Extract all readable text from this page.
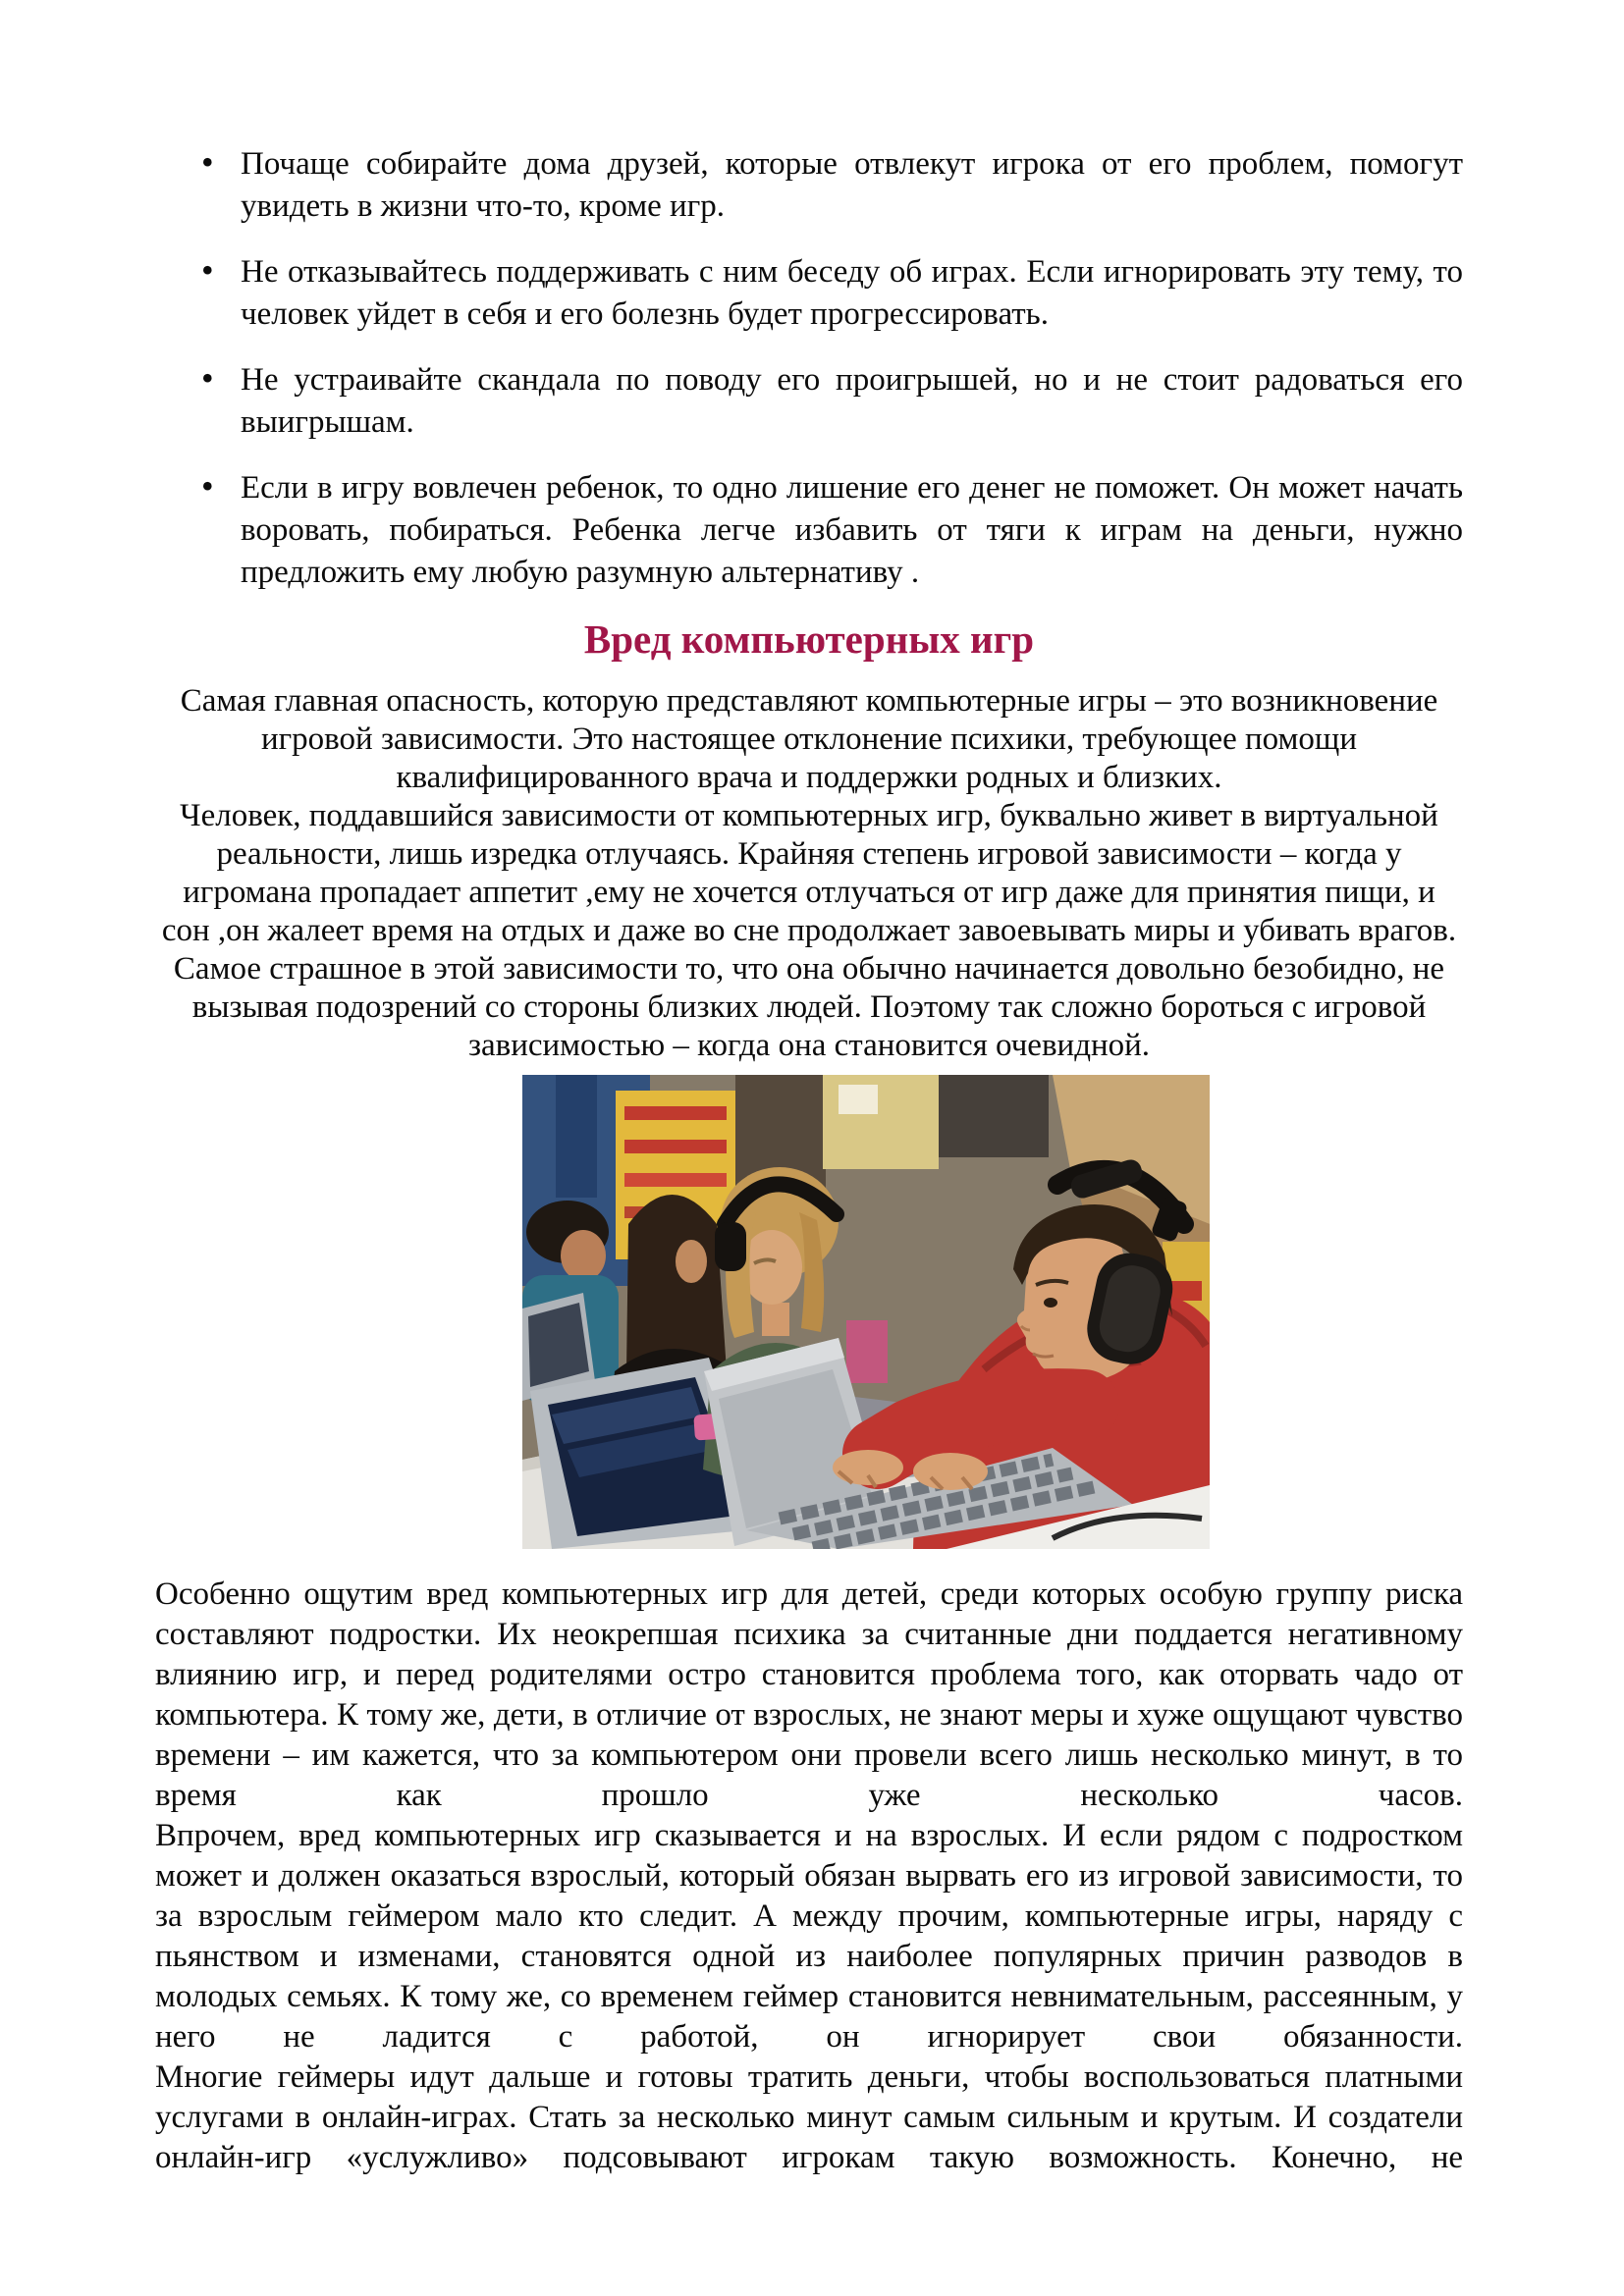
• Почаще собирайте дома друзей, которые отвлекут игрока от его проблем, помогут увидеть в жизни что-то, кроме игр.
• Не отказывайтесь поддерживать с ним беседу об играх. Если игнорировать эту тему, то человек уйдет в себя и его болезнь будет прогрессировать.
• Не устраивайте скандала по поводу его проигрышей, но и не стоит радоваться его выигрышам.
• Если в игру вовлечен ребенок, то одно лишение его денег не поможет. Он может начать воровать, побираться. Ребенка легче избавить от тяги к играм на деньги, нужно предложить ему любую разумную альтернативу .
Вред компьютерных игр

Самая главная опасность, которую представляют компьютерные игры – это возникновение игровой зависимости. Это настоящее отклонение психики, требующее помощи квалифицированного врача и поддержки родных и близких.

Человек, поддавшийся зависимости от компьютерных игр, буквально живет в виртуальной реальности, лишь изредка отлучаясь. Крайняя степень игровой зависимости – когда у игромана пропадает аппетит ,ему не хочется отлучаться от игр даже для принятия пищи, и сон ,он жалеет время на отдых и даже во сне продолжает завоевывать миры и убивать врагов. Самое страшное в этой зависимости то, что она обычно начинается довольно безобидно, не вызывая подозрений со стороны близких людей. Поэтому так сложно бороться с игровой зависимостью – когда она становится очевидной.

Особенно ощутим вред компьютерных игр для детей, среди которых особую группу риска составляют подростки. Их неокрепшая психика за считанные дни поддается негативному влиянию игр, и перед родителями остро становится проблема того, как оторвать чадо от компьютера. К тому же, дети, в отличие от взрослых, не знают меры и хуже ощущают чувство времени – им кажется, что за компьютером они провели всего лишь несколько минут, в то время как прошло уже несколько часов.

Впрочем, вред компьютерных игр сказывается и на взрослых. И если рядом с подростком может и должен оказаться взрослый, который обязан вырвать его из игровой зависимости, то за взрослым геймером мало кто следит. А между прочим, компьютерные игры, наряду с пьянством и изменами, становятся одной из наиболее популярных причин разводов в молодых семьях. К тому же, со временем геймер становится невнимательным, рассеянным, у него не ладится с работой, он игнорирует свои обязанности.

Многие геймеры идут дальше и готовы тратить деньги, чтобы воспользоваться платными услугами в онлайн-играх. Стать за несколько минут самым сильным и крутым. И создатели онлайн-игр «услужливо» подсовывают игрокам такую возможность. Конечно, не
